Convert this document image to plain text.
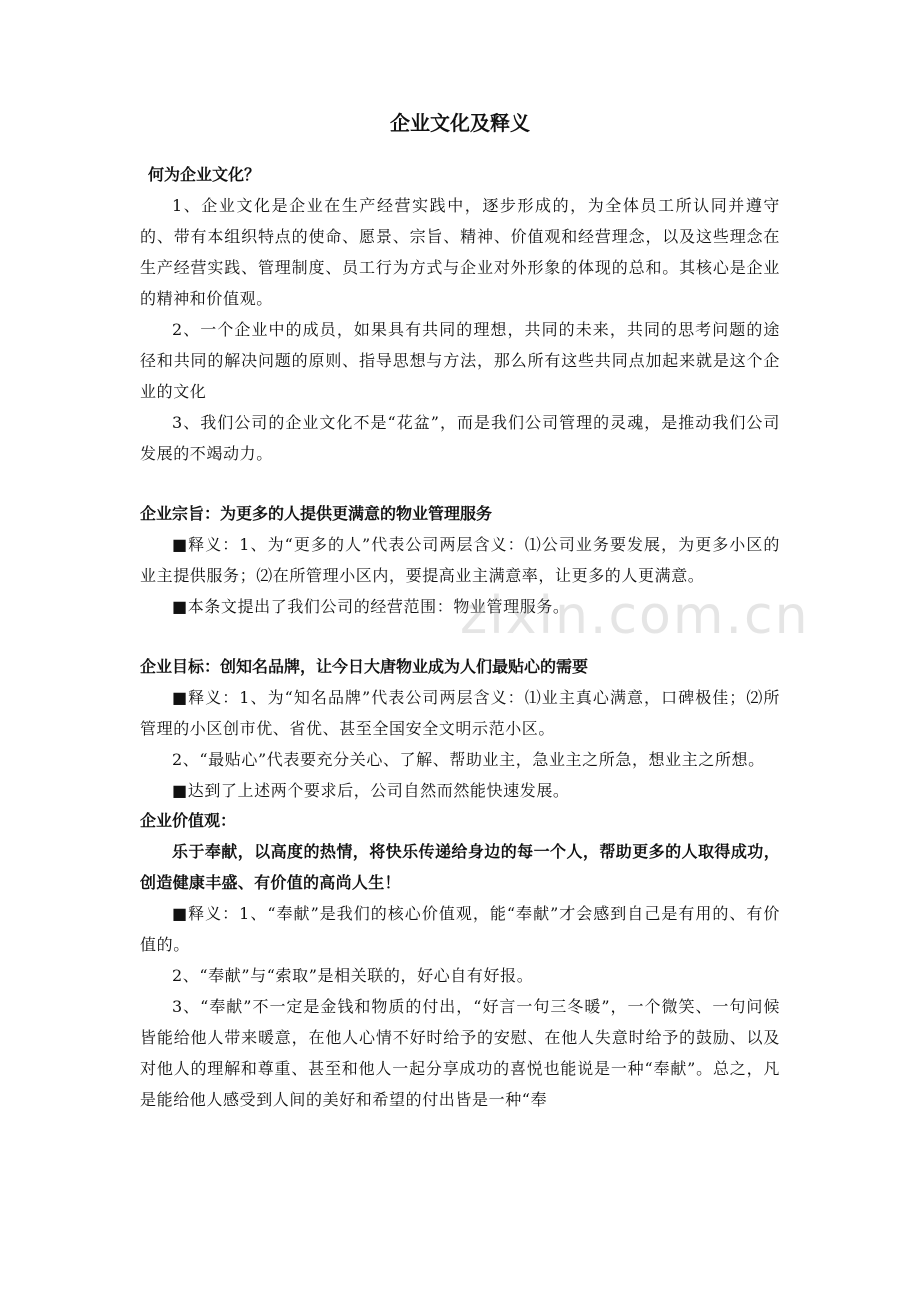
企业文化及释义

何为企业文化？

1、企业文化是企业在生产经营实践中，逐步形成的，为全体员工所认同并遵守的、带有本组织特点的使命、愿景、宗旨、精神、价值观和经营理念，以及这些理念在生产经营实践、管理制度、员工行为方式与企业对外形象的体现的总和。其核心是企业的精神和价值观。

2、一个企业中的成员，如果具有共同的理想，共同的未来，共同的思考问题的途径和共同的解决问题的原则、指导思想与方法，那么所有这些共同点加起来就是这个企业的文化

3、我们公司的企业文化不是“花盆”，而是我们公司管理的灵魂，是推动我们公司发展的不竭动力。

企业宗旨：为更多的人提供更满意的物业管理服务

■释义：1、为“更多的人”代表公司两层含义：⑴公司业务要发展，为更多小区的业主提供服务；⑵在所管理小区内，要提高业主满意率，让更多的人更满意。

■本条文提出了我们公司的经营范围：物业管理服务。

企业目标：创知名品牌，让今日大唐物业成为人们最贴心的需要

■释义：1、为“知名品牌”代表公司两层含义：⑴业主真心满意，口碑极佳；⑵所管理的小区创市优、省优、甚至全国安全文明示范小区。

2、“最贴心”代表要充分关心、了解、帮助业主，急业主之所急，想业主之所想。

■达到了上述两个要求后，公司自然而然能快速发展。

企业价值观：

乐于奉献，以高度的热情，将快乐传递给身边的每一个人，帮助更多的人取得成功，创造健康丰盛、有价值的高尚人生！

■释义：1、“奉献”是我们的核心价值观，能“奉献”才会感到自己是有用的、有价值的。

2、“奉献”与“索取”是相关联的，好心自有好报。

3、“奉献”不一定是金钱和物质的付出，“好言一句三冬暖”，一个微笑、一句问候皆能给他人带来暖意，在他人心情不好时给予的安慰、在他人失意时给予的鼓励、以及对他人的理解和尊重、甚至和他人一起分享成功的喜悦也能说是一种“奉献”。总之，凡是能给他人感受到人间的美好和希望的付出皆是一种“奉

zixin.com.cn
